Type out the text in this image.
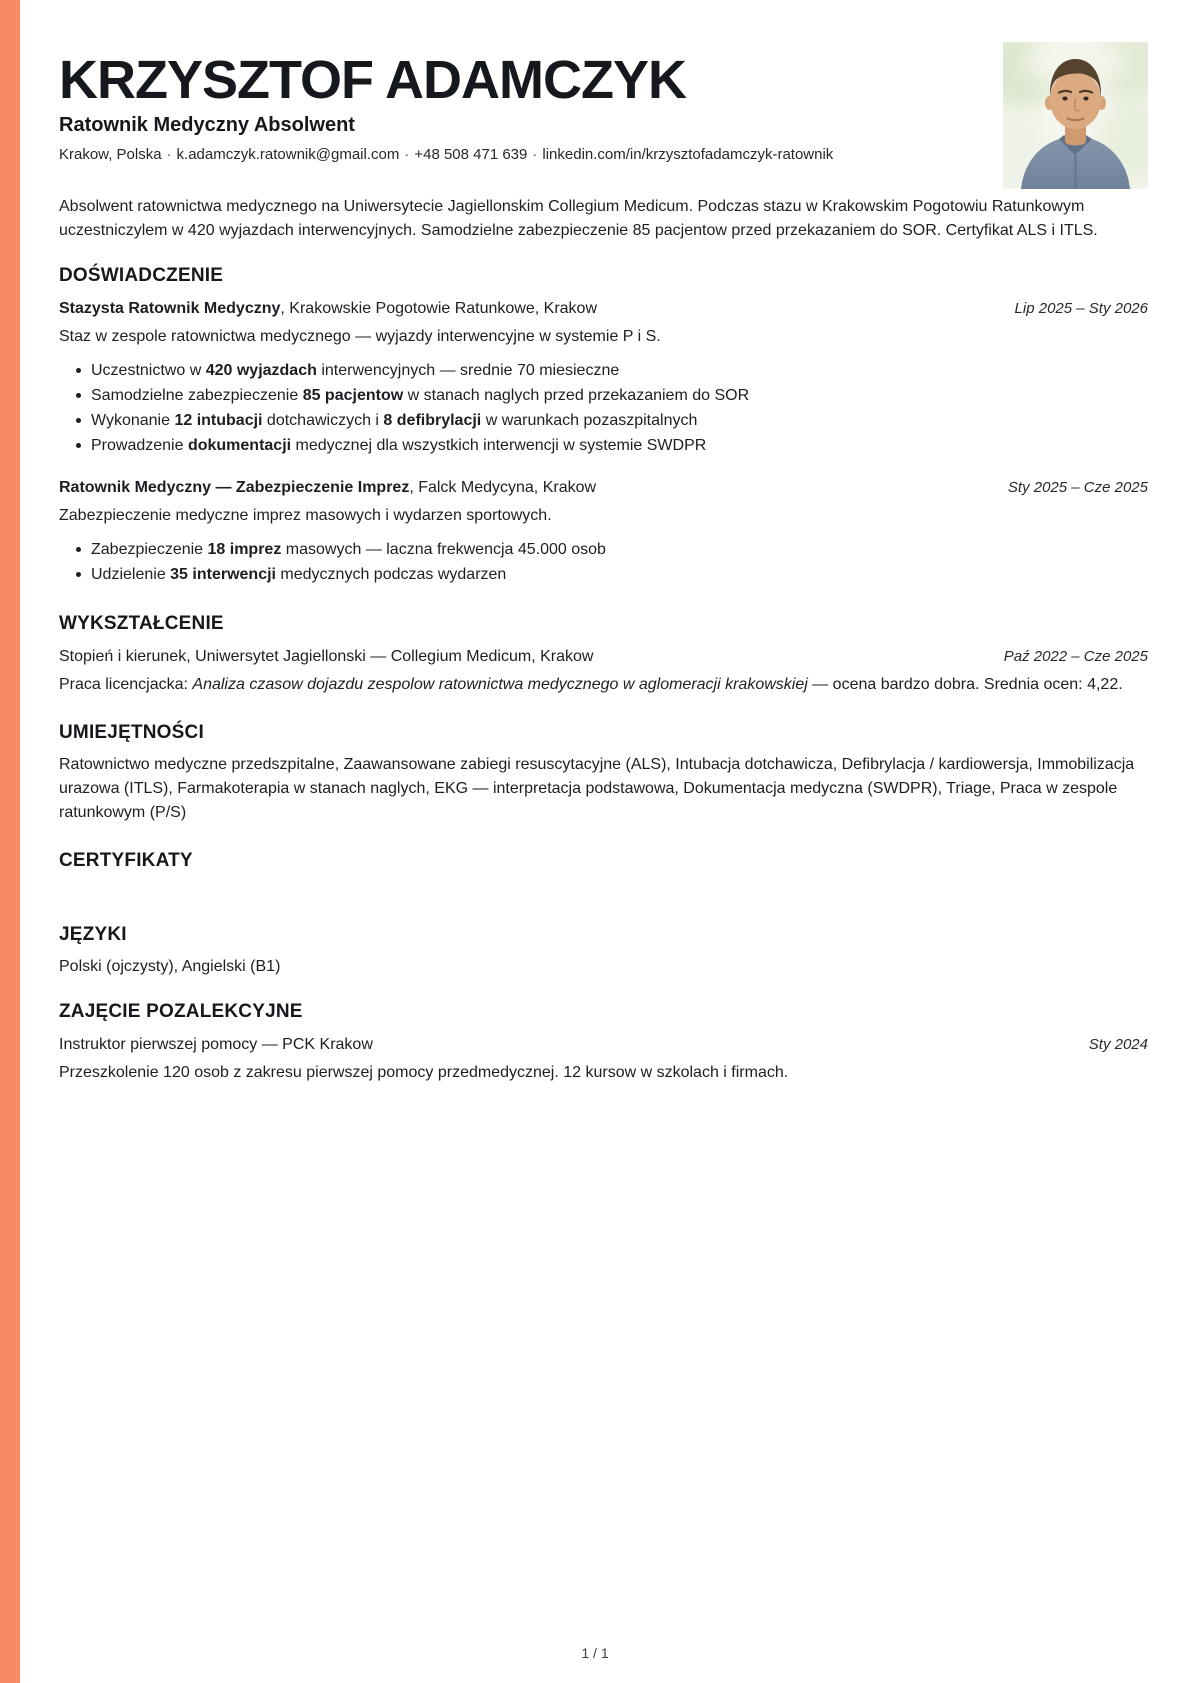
KRZYSZTOF ADAMCZYK

Ratownik Medyczny Absolwent

Krakow, Polska · k.adamczyk.ratownik@gmail.com · +48 508 471 639 · linkedin.com/in/krzysztofadamczyk-ratownik

Absolwent ratownictwa medycznego na Uniwersytecie Jagiellonskim Collegium Medicum. Podczas stazu w Krakowskim Pogotowiu Ratunkowym uczestniczylem w 420 wyjazdach interwencyjnych. Samodzielne zabezpieczenie 85 pacjentow przed przekazaniem do SOR. Certyfikat ALS i ITLS.

DOŚWIADCZENIE
Stazysta Ratownik Medyczny, Krakowskie Pogotowie Ratunkowe, Krakow	Lip 2025 – Sty 2026
Staz w zespole ratownictwa medycznego — wyjazdy interwencyjne w systemie P i S.
Uczestnictwo w 420 wyjazdach interwencyjnych — srednie 70 miesieczne
Samodzielne zabezpieczenie 85 pacjentow w stanach naglych przed przekazaniem do SOR
Wykonanie 12 intubacji dotchawiczych i 8 defibrylacji w warunkach pozaszpitalnych
Prowadzenie dokumentacji medycznej dla wszystkich interwencji w systemie SWDPR
Ratownik Medyczny — Zabezpieczenie Imprez, Falck Medycyna, Krakow	Sty 2025 – Cze 2025
Zabezpieczenie medyczne imprez masowych i wydarzen sportowych.
Zabezpieczenie 18 imprez masowych — laczna frekwencja 45.000 osob
Udzielenie 35 interwencji medycznych podczas wydarzen
WYKSZTAŁCENIE
Stopień i kierunek, Uniwersytet Jagiellonski — Collegium Medicum, Krakow	Paź 2022 – Cze 2025
Praca licencjacka: Analiza czasow dojazdu zespolow ratownictwa medycznego w aglomeracji krakowskiej — ocena bardzo dobra. Srednia ocen: 4,22.
UMIEJĘTNOŚCI

Ratownictwo medyczne przedszpitalne, Zaawansowane zabiegi resuscytacyjne (ALS), Intubacja dotchawicza, Defibrylacja / kardiowersja, Immobilizacja urazowa (ITLS), Farmakoterapia w stanach naglych, EKG — interpretacja podstawowa, Dokumentacja medyczna (SWDPR), Triage, Praca w zespole ratunkowym (P/S)

CERTYFIKATY
JĘZYKI

Polski (ojczysty), Angielski (B1)

ZAJĘCIE POZALEKCYJNE
Instruktor pierwszej pomocy — PCK Krakow	Sty 2024
Przeszkolenie 120 osob z zakresu pierwszej pomocy przedmedycznej. 12 kursow w szkolach i firmach.
1 / 1
